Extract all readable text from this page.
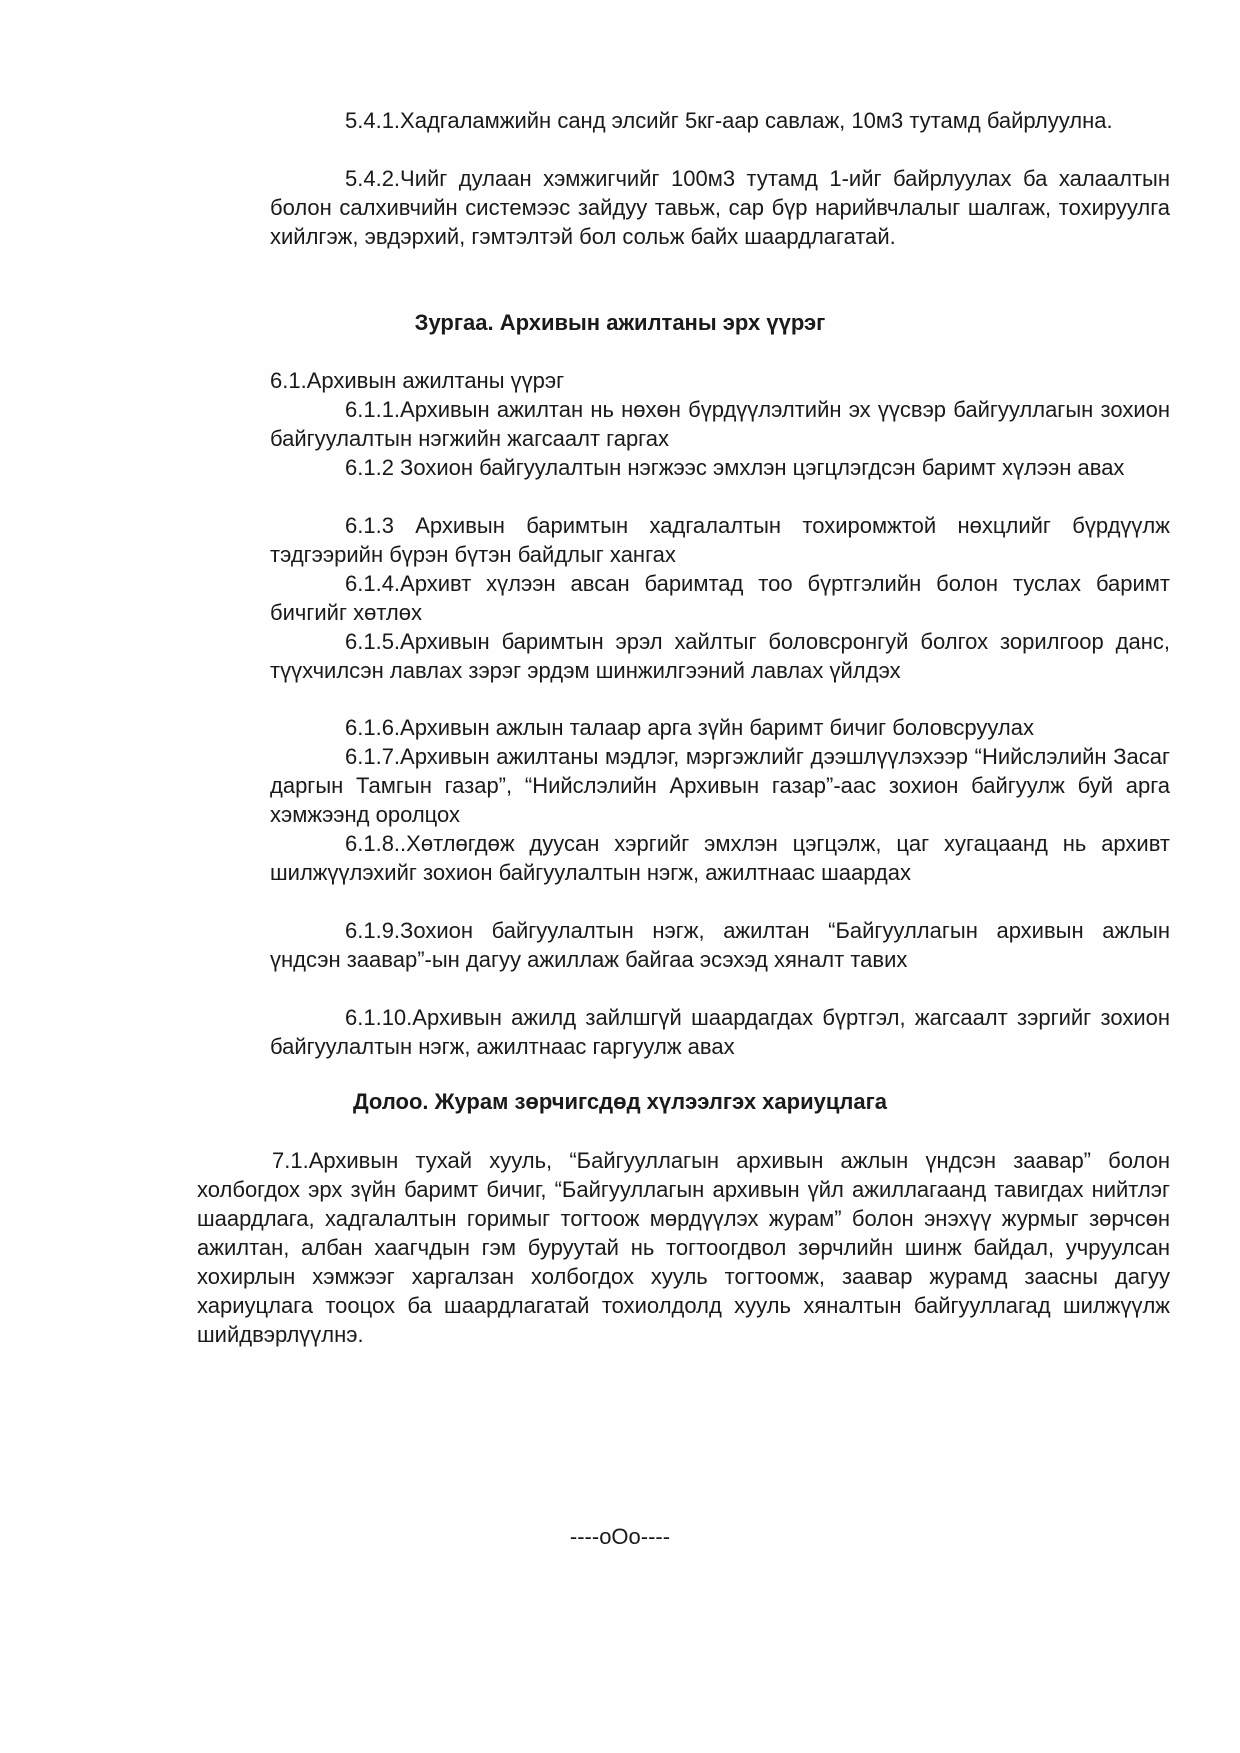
5.4.1.Хадгаламжийн санд элсийг 5кг-аар савлаж, 10м3 тутамд байрлуулна.

5.4.2.Чийг дулаан хэмжигчийг 100м3 тутамд 1-ийг байрлуулах ба халаалтын болон салхивчийн системээс зайдуу тавьж, сар бүр нарийвчлалыг шалгаж, тохируулга хийлгэж, эвдэрхий, гэмтэлтэй бол сольж байх шаардлагатай.

Зургаа. Архивын ажилтаны эрх үүрэг

6.1.Архивын ажилтаны үүрэг

6.1.1.Архивын ажилтан нь нөхөн бүрдүүлэлтийн эх үүсвэр байгууллагын зохион байгуулалтын нэгжийн жагсаалт гаргах

6.1.2 Зохион байгуулалтын нэгжээс эмхлэн цэгцлэгдсэн баримт хүлээн авах

6.1.3 Архивын баримтын хадгалалтын тохиромжтой нөхцлийг бүрдүүлж тэдгээрийн бүрэн бүтэн байдлыг хангах

6.1.4.Архивт хүлээн авсан баримтад тоо бүртгэлийн болон туслах баримт бичгийг хөтлөх

6.1.5.Архивын баримтын эрэл хайлтыг боловсронгуй болгох зорилгоор данс, түүхчилсэн лавлах зэрэг эрдэм шинжилгээний лавлах үйлдэх

6.1.6.Архивын ажлын талаар арга зүйн баримт бичиг боловсруулах

6.1.7.Архивын ажилтаны мэдлэг, мэргэжлийг дээшлүүлэхээр “Нийслэлийн Засаг даргын Тамгын газар”, “Нийслэлийн Архивын газар”-аас зохион байгуулж буй арга хэмжээнд оролцох

6.1.8..Хөтлөгдөж дуусан хэргийг эмхлэн цэгцэлж, цаг хугацаанд нь архивт шилжүүлэхийг зохион байгуулалтын нэгж, ажилтнаас шаардах

6.1.9.Зохион байгуулалтын нэгж, ажилтан “Байгууллагын архивын ажлын үндсэн заавар”-ын дагуу ажиллаж байгаа эсэхэд хяналт тавих

6.1.10.Архивын ажилд зайлшгүй шаардагдах бүртгэл, жагсаалт зэргийг зохион байгуулалтын нэгж, ажилтнаас гаргуулж авах

Долоо. Журам зөрчигсдөд хүлээлгэх хариуцлага

7.1.Архивын тухай хууль, “Байгууллагын архивын ажлын үндсэн заавар” болон холбогдох эрх зүйн баримт бичиг, “Байгууллагын архивын үйл ажиллагаанд тавигдах нийтлэг шаардлага, хадгалалтын горимыг тогтоож мөрдүүлэх журам” болон энэхүү журмыг зөрчсөн ажилтан, албан хаагчдын гэм буруутай нь тогтоогдвол зөрчлийн шинж байдал, учруулсан хохирлын хэмжээг харгалзан холбогдох хууль тогтоомж, заавар журамд заасны дагуу хариуцлага тооцох ба шаардлагатай тохиолдолд хууль хяналтын байгууллагад шилжүүлж шийдвэрлүүлнэ.

----oOo----
